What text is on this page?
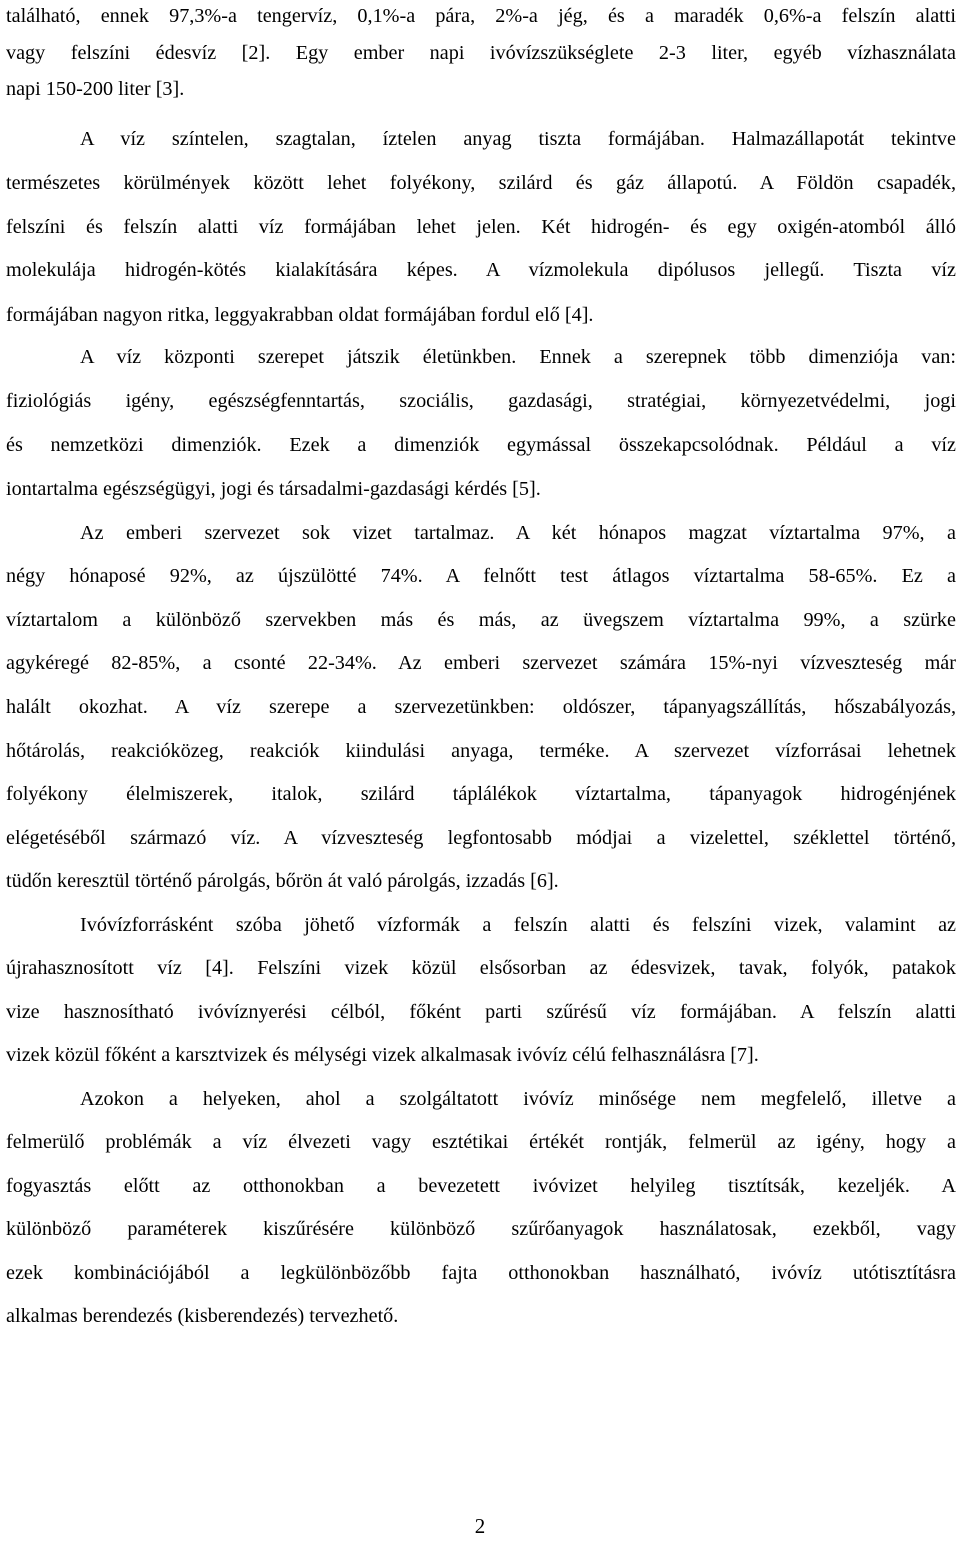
található, ennek 97,3%-a tengervíz, 0,1%-a pára, 2%-a jég, és a maradék 0,6%-a felszín alatti
vagy felszíni édesvíz [2]. Egy ember napi ivóvízszükséglete 2-3 liter, egyéb vízhasználata
napi 150-200 liter [3].
A víz színtelen, szagtalan, íztelen anyag tiszta formájában. Halmazállapotát tekintve
természetes körülmények között lehet folyékony, szilárd és gáz állapotú. A Földön csapadék,
felszíni és felszín alatti víz formájában lehet jelen. Két hidrogén- és egy oxigén-atomból álló
molekulája hidrogén-kötés kialakítására képes. A vízmolekula dipólusos jellegű. Tiszta víz
formájában nagyon ritka, leggyakrabban oldat formájában fordul elő [4].
A víz központi szerepet játszik életünkben. Ennek a szerepnek több dimenziója van:
fiziológiás igény, egészségfenntartás, szociális, gazdasági, stratégiai, környezetvédelmi, jogi
és nemzetközi dimenziók. Ezek a dimenziók egymással összekapcsolódnak. Például a víz
iontartalma egészségügyi, jogi és társadalmi-gazdasági kérdés [5].
Az emberi szervezet sok vizet tartalmaz. A két hónapos magzat víztartalma 97%, a
négy hónaposé 92%, az újszülötté 74%. A felnőtt test átlagos víztartalma 58-65%. Ez a
víztartalom a különböző szervekben más és más, az üvegszem víztartalma 99%, a szürke
agykéregé 82-85%, a csonté 22-34%. Az emberi szervezet számára 15%-nyi vízveszteség már
halált okozhat. A víz szerepe a szervezetünkben: oldószer, tápanyagszállítás, hőszabályozás,
hőtárolás, reakcióközeg, reakciók kiindulási anyaga, terméke. A szervezet vízforrásai lehetnek
folyékony élelmiszerek, italok, szilárd táplálékok víztartalma, tápanyagok hidrogénjének
elégetéséből származó víz. A vízveszteség legfontosabb módjai a vizelettel, széklettel történő,
tüdőn keresztül történő párolgás, bőrön át való párolgás, izzadás [6].
Ivóvízforrásként szóba jöhető vízformák a felszín alatti és felszíni vizek, valamint az
újrahasznosított víz [4]. Felszíni vizek közül elsősorban az édesvizek, tavak, folyók, patakok
vize hasznosítható ivóvíznyerési célból, főként parti szűrésű víz formájában. A felszín alatti
vizek közül főként a karsztvizek és mélységi vizek alkalmasak ivóvíz célú felhasználásra [7].
Azokon a helyeken, ahol a szolgáltatott ivóvíz minősége nem megfelelő, illetve a
felmerülő problémák a víz élvezeti vagy esztétikai értékét rontják, felmerül az igény, hogy a
fogyasztás előtt az otthonokban a bevezetett ivóvizet helyileg tisztítsák, kezeljék. A
különböző paraméterek kiszűrésére különböző szűrőanyagok használatosak, ezekből, vagy
ezek kombinációjából a legkülönbözőbb fajta otthonokban használható, ivóvíz utótisztításra
alkalmas berendezés (kisberendezés) tervezhető.
2
